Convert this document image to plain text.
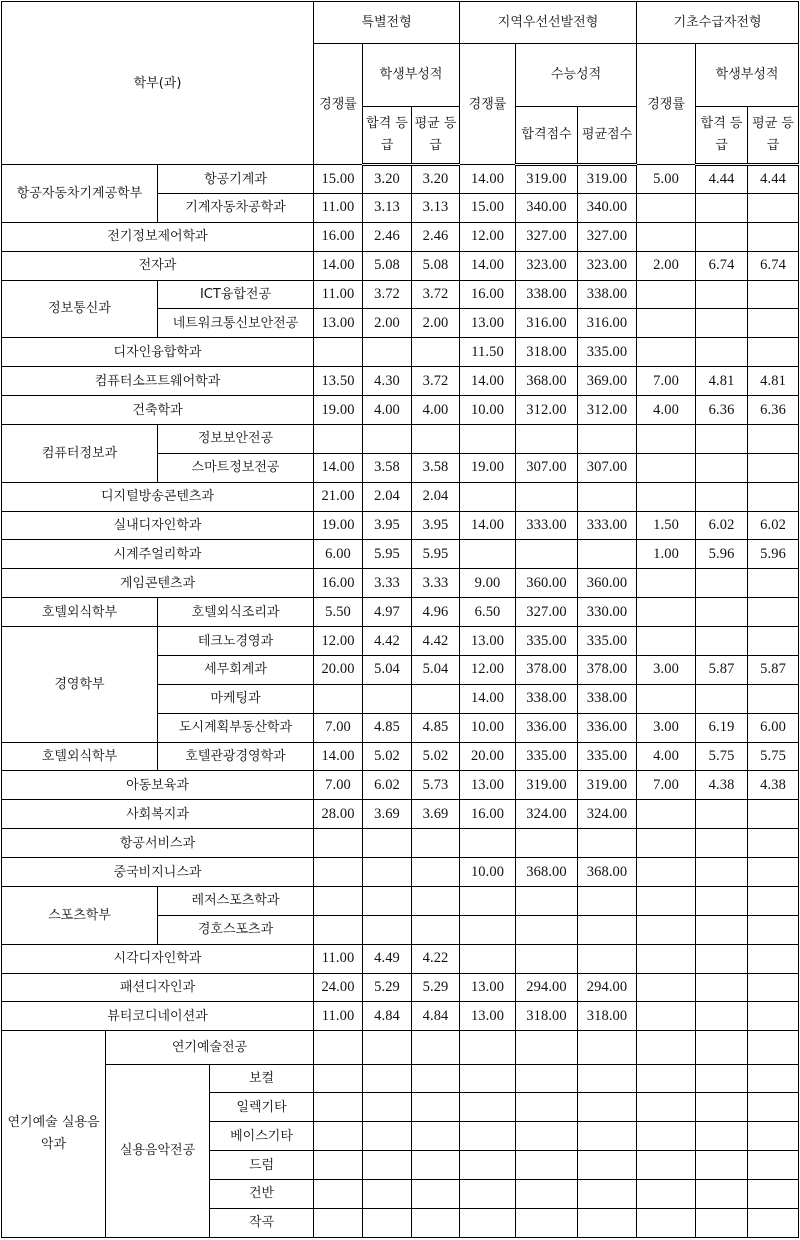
학부(과)				특별전형			지역우선선발전형			기초수급자전형		
				경쟁률	학생부성적		경쟁률	수능성적		경쟁률	학생부성적	
					합격 등급	평균 등급		합격점수	평균점수		합격 등급	평균 등급
항공자동차기계공학부		항공기계과		15.00	3.20	3.20	14.00	319.00	319.00	5.00	4.44	4.44
		기계자동차공학과		11.00	3.13	3.13	15.00	340.00	340.00			
전기정보제어학과				16.00	2.46	2.46	12.00	327.00	327.00			
전자과				14.00	5.08	5.08	14.00	323.00	323.00	2.00	6.74	6.74
정보통신과		ICT융합전공		11.00	3.72	3.72	16.00	338.00	338.00			
		네트워크통신보안전공		13.00	2.00	2.00	13.00	316.00	316.00			
디자인융합학과							11.50	318.00	335.00			
컴퓨터소프트웨어학과				13.50	4.30	3.72	14.00	368.00	369.00	7.00	4.81	4.81
건축학과				19.00	4.00	4.00	10.00	312.00	312.00	4.00	6.36	6.36
컴퓨터정보과		정보보안전공										
		스마트정보전공		14.00	3.58	3.58	19.00	307.00	307.00			
디지털방송콘텐츠과				21.00	2.04	2.04						
실내디자인학과				19.00	3.95	3.95	14.00	333.00	333.00	1.50	6.02	6.02
시계주얼리학과				6.00	5.95	5.95				1.00	5.96	5.96
게임콘텐츠과				16.00	3.33	3.33	9.00	360.00	360.00			
호텔외식학부		호텔외식조리과		5.50	4.97	4.96	6.50	327.00	330.00			
경영학부		테크노경영과		12.00	4.42	4.42	13.00	335.00	335.00			
		세무회계과		20.00	5.04	5.04	12.00	378.00	378.00	3.00	5.87	5.87
		마케팅과					14.00	338.00	338.00			
		도시계획부동산학과		7.00	4.85	4.85	10.00	336.00	336.00	3.00	6.19	6.00
호텔외식학부		호텔관광경영학과		14.00	5.02	5.02	20.00	335.00	335.00	4.00	5.75	5.75
아동보육과				7.00	6.02	5.73	13.00	319.00	319.00	7.00	4.38	4.38
사회복지과				28.00	3.69	3.69	16.00	324.00	324.00			
항공서비스과												
중국비지니스과							10.00	368.00	368.00			
스포츠학부		레저스포츠학과										
		경호스포츠과										
시각디자인학과				11.00	4.49	4.22						
패션디자인과				24.00	5.29	5.29	13.00	294.00	294.00			
뷰티코디네이션과				11.00	4.84	4.84	13.00	318.00	318.00			
연기예술 실용음악과	연기예술전공											
	실용음악전공		보컬									
			일렉기타									
			베이스기타									
			드럼									
			건반									
			작곡									
